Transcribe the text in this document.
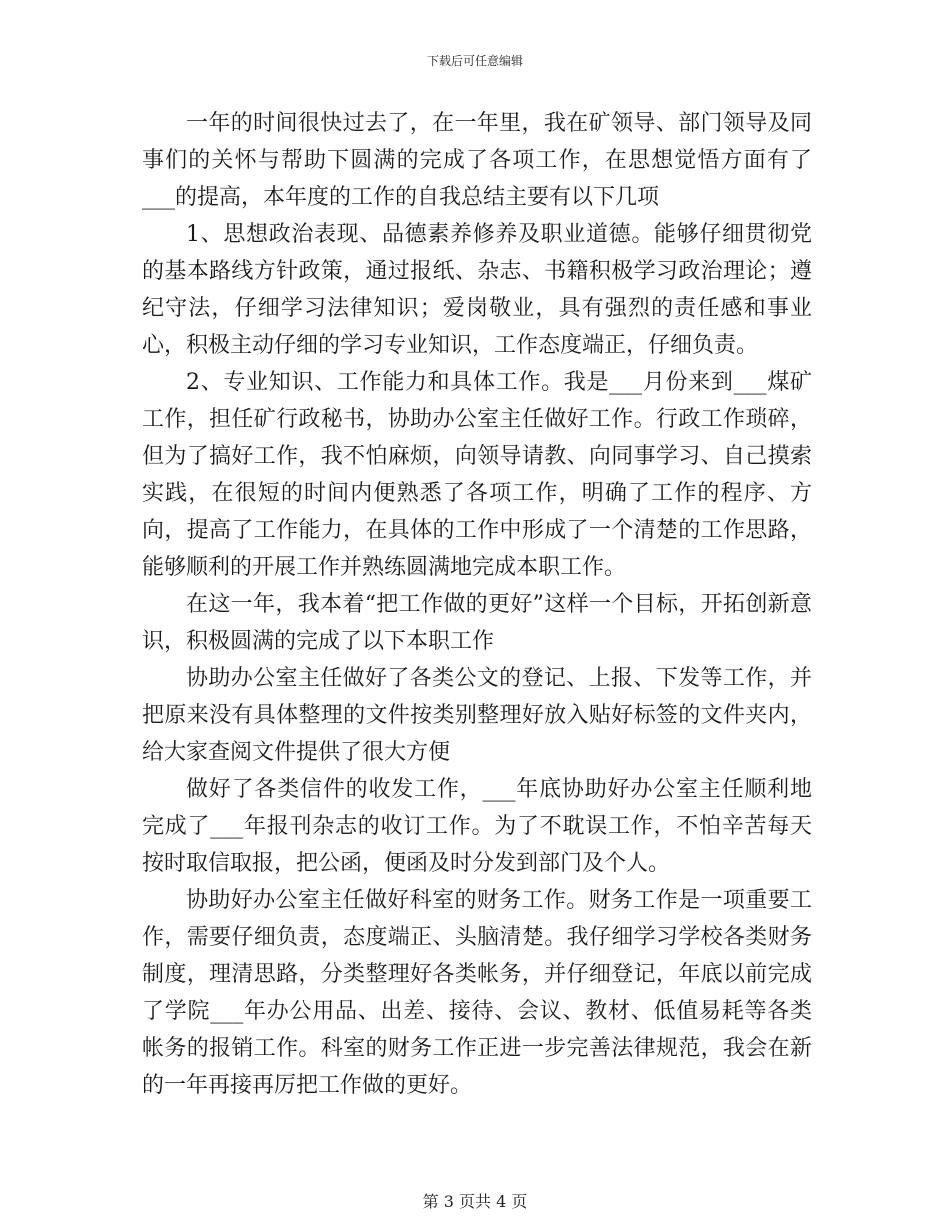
下载后可任意编辑

一年的时间很快过去了，在一年里，我在矿领导、部门领导及同事们的关怀与帮助下圆满的完成了各项工作，在思想觉悟方面有了___的提高，本年度的工作的自我总结主要有以下几项

1、思想政治表现、品德素养修养及职业道德。能够仔细贯彻党的基本路线方针政策，通过报纸、杂志、书籍积极学习政治理论；遵纪守法，仔细学习法律知识；爱岗敬业，具有强烈的责任感和事业心，积极主动仔细的学习专业知识，工作态度端正，仔细负责。

2、专业知识、工作能力和具体工作。我是___月份来到___煤矿工作，担任矿行政秘书，协助办公室主任做好工作。行政工作琐碎，但为了搞好工作，我不怕麻烦，向领导请教、向同事学习、自己摸索实践，在很短的时间内便熟悉了各项工作，明确了工作的程序、方向，提高了工作能力，在具体的工作中形成了一个清楚的工作思路，能够顺利的开展工作并熟练圆满地完成本职工作。

在这一年，我本着“把工作做的更好”这样一个目标，开拓创新意识，积极圆满的完成了以下本职工作

协助办公室主任做好了各类公文的登记、上报、下发等工作，并把原来没有具体整理的文件按类别整理好放入贴好标签的文件夹内，给大家查阅文件提供了很大方便

做好了各类信件的收发工作，___年底协助好办公室主任顺利地完成了___年报刊杂志的收订工作。为了不耽误工作，不怕辛苦每天按时取信取报，把公函，便函及时分发到部门及个人。

协助好办公室主任做好科室的财务工作。财务工作是一项重要工作，需要仔细负责，态度端正、头脑清楚。我仔细学习学校各类财务制度，理清思路，分类整理好各类帐务，并仔细登记，年底以前完成了学院___年办公用品、出差、接待、会议、教材、低值易耗等各类帐务的报销工作。科室的财务工作正进一步完善法律规范，我会在新的一年再接再厉把工作做的更好。

第 3 页共 4 页
